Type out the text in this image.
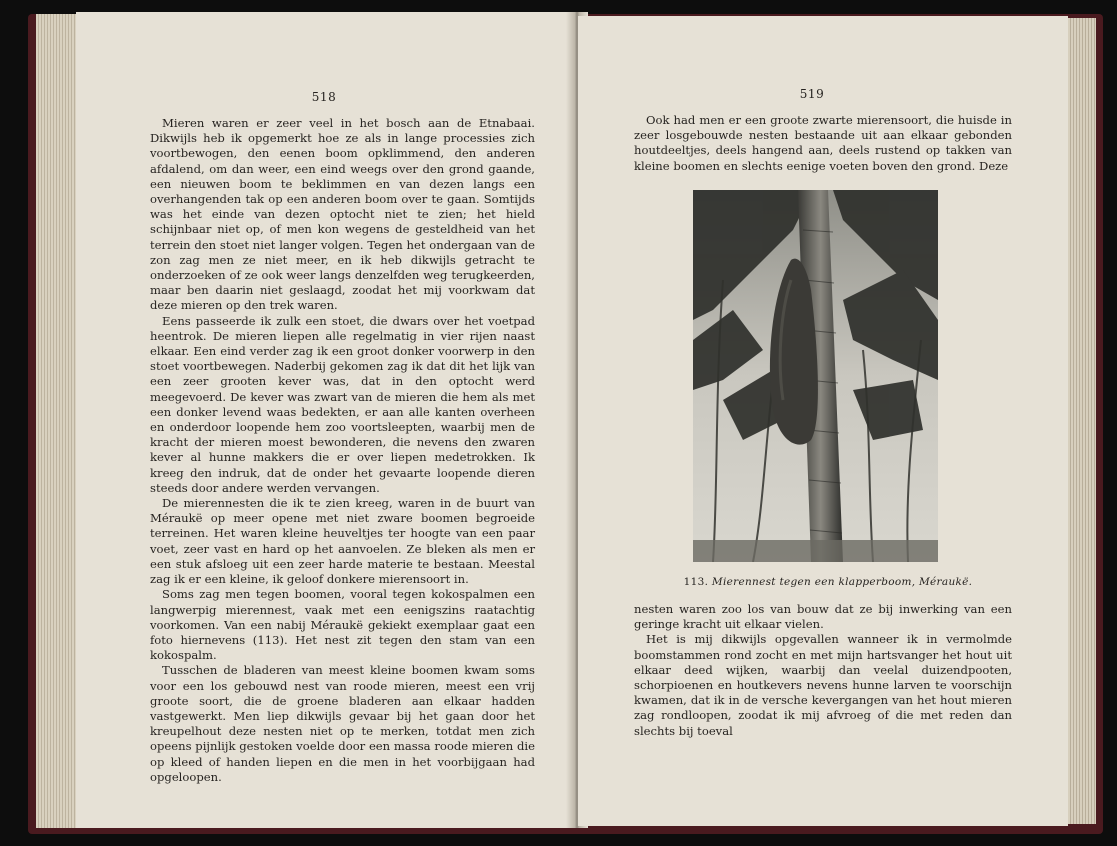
518

Mieren waren er zeer veel in het bosch aan de Etnabaai. Dikwijls heb ik opgemerkt hoe ze als in lange processies zich voortbewogen, den eenen boom opklimmend, den anderen afdalend, om dan weer, een eind weegs over den grond gaande, een nieuwen boom te beklimmen en van dezen langs een overhangenden tak op een anderen boom over te gaan. Somtijds was het einde van dezen optocht niet te zien; het hield schijnbaar niet op, of men kon wegens de gesteldheid van het terrein den stoet niet langer volgen. Tegen het ondergaan van de zon zag men ze niet meer, en ik heb dikwijls getracht te onderzoeken of ze ook weer langs denzelfden weg terugkeerden, maar ben daarin niet geslaagd, zoodat het mij voorkwam dat deze mieren op den trek waren.

Eens passeerde ik zulk een stoet, die dwars over het voetpad heentrok. De mieren liepen alle regelmatig in vier rijen naast elkaar. Een eind verder zag ik een groot donker voorwerp in den stoet voortbewegen. Naderbij gekomen zag ik dat dit het lijk van een zeer grooten kever was, dat in den optocht werd meegevoerd. De kever was zwart van de mieren die hem als met een donker levend waas bedekten, er aan alle kanten overheen en onderdoor loopende hem zoo voortsleepten, waarbij men de kracht der mieren moest bewonderen, die nevens den zwaren kever al hunne makkers die er over liepen medetrokken. Ik kreeg den indruk, dat de onder het gevaarte loopende dieren steeds door andere werden vervangen.

De mierennesten die ik te zien kreeg, waren in de buurt van Méraukë op meer opene met niet zware boomen begroeide terreinen. Het waren kleine heuveltjes ter hoogte van een paar voet, zeer vast en hard op het aanvoelen. Ze bleken als men er een stuk afsloeg uit een zeer harde materie te bestaan. Meestal zag ik er een kleine, ik geloof donkere mierensoort in.

Soms zag men tegen boomen, vooral tegen kokospalmen een langwerpig mierennest, vaak met een eenigszins raatachtig voorkomen. Van een nabij Méraukë gekiekt exemplaar gaat een foto hiernevens (113). Het nest zit tegen den stam van een kokospalm.

Tusschen de bladeren van meest kleine boomen kwam soms voor een los gebouwd nest van roode mieren, meest een vrij groote soort, die de groene bladeren aan elkaar hadden vastgewerkt. Men liep dikwijls gevaar bij het gaan door het kreupelhout deze nesten niet op te merken, totdat men zich opeens pijnlijk gestoken voelde door een massa roode mieren die op kleed of handen liepen en die men in het voorbijgaan had opgeloopen.

519

Ook had men er een groote zwarte mierensoort, die huisde in zeer losgebouwde nesten bestaande uit aan elkaar gebonden houtdeeltjes, deels hangend aan, deels rustend op takken van kleine boomen en slechts eenige voeten boven den grond. Deze

113. Mierennest tegen een klapperboom, Méraukë.

nesten waren zoo los van bouw dat ze bij inwerking van een geringe kracht uit elkaar vielen.

Het is mij dikwijls opgevallen wanneer ik in vermolmde boomstammen rond zocht en met mijn hartsvanger het hout uit elkaar deed wijken, waarbij dan veelal duizendpooten, schorpioenen en houtkevers nevens hunne larven te voorschijn kwamen, dat ik in de versche kevergangen van het hout mieren zag rondloopen, zoodat ik mij afvroeg of die met reden dan slechts bij toeval
